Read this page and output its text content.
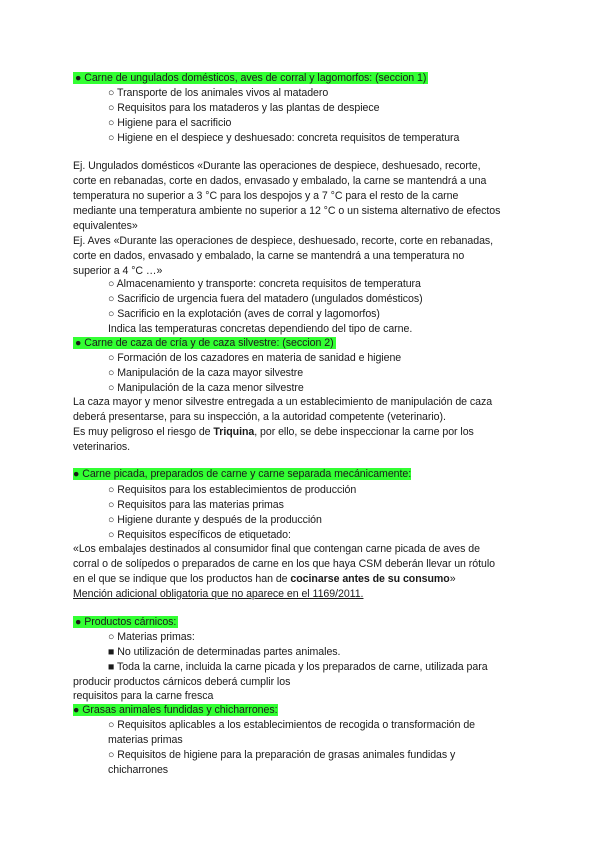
● Carne de ungulados domésticos, aves de corral y lagomorfos: (seccion 1)
○ Transporte de los animales vivos al matadero
○ Requisitos para los mataderos y las plantas de despiece
○ Higiene para el sacrificio
○ Higiene en el despiece y deshuesado: concreta requisitos de temperatura
Ej. Ungulados domésticos «Durante las operaciones de despiece, deshuesado, recorte,
corte en rebanadas, corte en dados, envasado y embalado, la carne se mantendrá a una
temperatura no superior a 3 °C para los despojos y a 7 °C para el resto de la carne
mediante una temperatura ambiente no superior a 12 °C o un sistema alternativo de efectos
equivalentes»
Ej. Aves «Durante las operaciones de despiece, deshuesado, recorte, corte en rebanadas,
corte en dados, envasado y embalado, la carne se mantendrá a una temperatura no
superior a 4 °C …»
○ Almacenamiento y transporte: concreta requisitos de temperatura
○ Sacrificio de urgencia fuera del matadero (ungulados domésticos)
○ Sacrificio en la explotación (aves de corral y lagomorfos)
Indica las temperaturas concretas dependiendo del tipo de carne.
● Carne de caza de cría y de caza silvestre: (seccion 2)
○ Formación de los cazadores en materia de sanidad e higiene
○ Manipulación de la caza mayor silvestre
○ Manipulación de la caza menor silvestre
La caza mayor y menor silvestre entregada a un establecimiento de manipulación de caza
deberá presentarse, para su inspección, a la autoridad competente (veterinario).
Es muy peligroso el riesgo de Triquina, por ello, se debe inspeccionar la carne por los
veterinarios.
● Carne picada, preparados de carne y carne separada mecánicamente:
○ Requisitos para los establecimientos de producción
○ Requisitos para las materias primas
○ Higiene durante y después de la producción
○ Requisitos específicos de etiquetado:
«Los embalajes destinados al consumidor final que contengan carne picada de aves de
corral o de solípedos o preparados de carne en los que haya CSM deberán llevar un rótulo
en el que se indique que los productos han de cocinarse antes de su consumo»
Mención adicional obligatoria que no aparece en el 1169/2011.
● Productos cárnicos:
○ Materias primas:
■ No utilización de determinadas partes animales.
■ Toda la carne, incluida la carne picada y los preparados de carne, utilizada para
producir productos cárnicos deberá cumplir los
requisitos para la carne fresca
● Grasas animales fundidas y chicharrones:
○ Requisitos aplicables a los establecimientos de recogida o transformación de
materias primas
○ Requisitos de higiene para la preparación de grasas animales fundidas y
chicharrones
